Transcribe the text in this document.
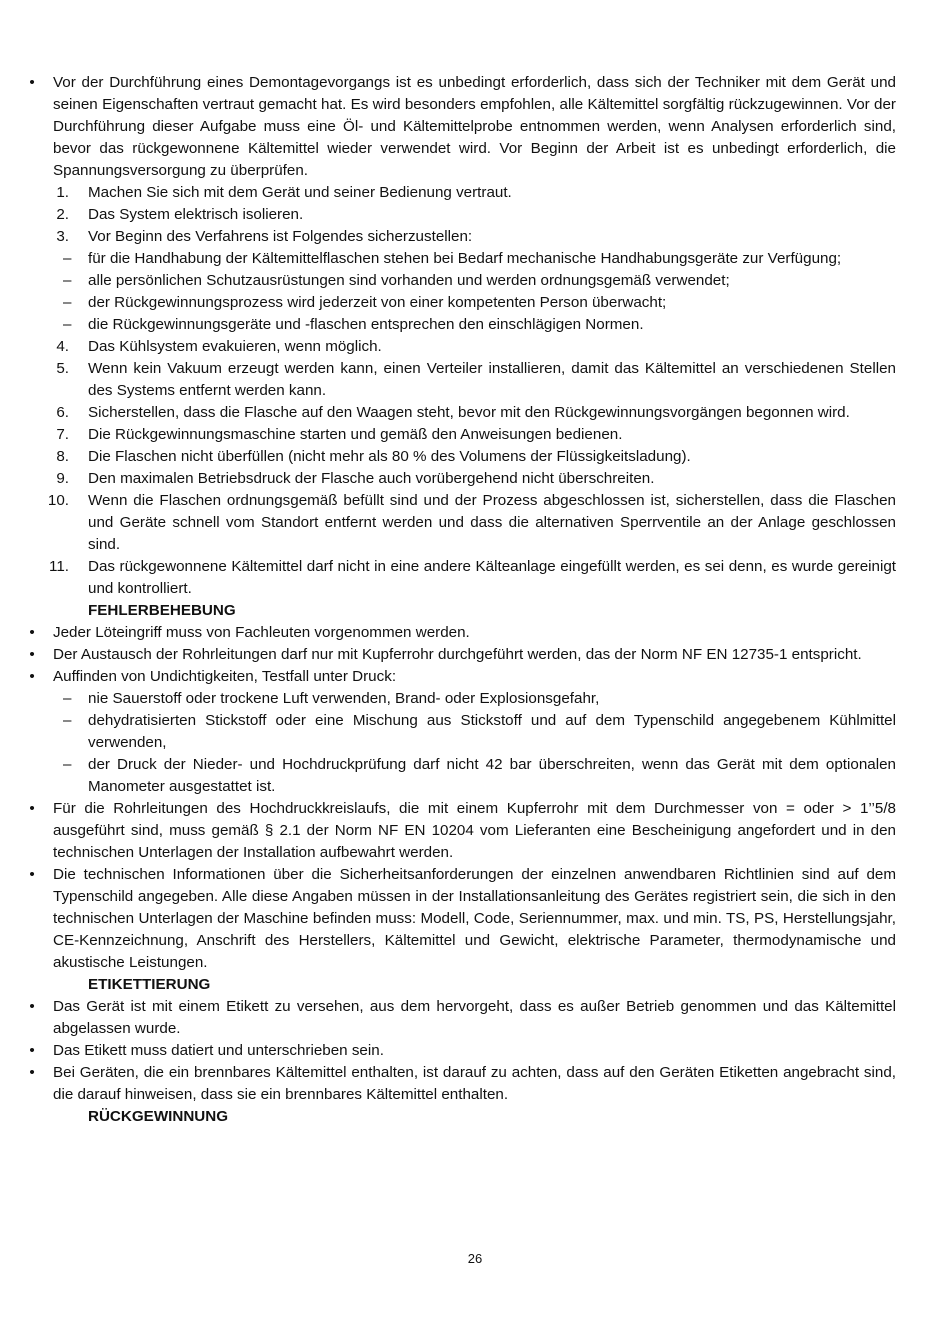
• Vor der Durchführung eines Demontagevorgangs ist es unbedingt erforderlich, dass sich der Techniker mit dem Gerät und seinen Eigenschaften vertraut gemacht hat. Es wird besonders empfohlen, alle Kältemittel sorgfältig rückzugewinnen. Vor der Durchführung dieser Aufgabe muss eine Öl- und Kältemittelprobe entnommen werden, wenn Analysen erforderlich sind, bevor das rückgewonnene Kältemittel wieder verwendet wird. Vor Beginn der Arbeit ist es unbedingt erforderlich, die Spannungsversorgung zu überprüfen.
1. Machen Sie sich mit dem Gerät und seiner Bedienung vertraut.
2. Das System elektrisch isolieren.
3. Vor Beginn des Verfahrens ist Folgendes sicherzustellen:
– für die Handhabung der Kältemittelflaschen stehen bei Bedarf mechanische Handhabungsgeräte zur Verfügung;
– alle persönlichen Schutzausrüstungen sind vorhanden und werden ordnungsgemäß verwendet;
– der Rückgewinnungsprozess wird jederzeit von einer kompetenten Person überwacht;
– die Rückgewinnungsgeräte und -flaschen entsprechen den einschlägigen Normen.
4. Das Kühlsystem evakuieren, wenn möglich.
5. Wenn kein Vakuum erzeugt werden kann, einen Verteiler installieren, damit das Kältemittel an verschiedenen Stellen des Systems entfernt werden kann.
6. Sicherstellen, dass die Flasche auf den Waagen steht, bevor mit den Rückgewinnungsvorgängen begonnen wird.
7. Die Rückgewinnungsmaschine starten und gemäß den Anweisungen bedienen.
8. Die Flaschen nicht überfüllen (nicht mehr als 80 % des Volumens der Flüssigkeitsladung).
9. Den maximalen Betriebsdruck der Flasche auch vorübergehend nicht überschreiten.
10. Wenn die Flaschen ordnungsgemäß befüllt sind und der Prozess abgeschlossen ist, sicherstellen, dass die Flaschen und Geräte schnell vom Standort entfernt werden und dass die alternativen Sperrventile an der Anlage geschlossen sind.
11. Das rückgewonnene Kältemittel darf nicht in eine andere Kälteanlage eingefüllt werden, es sei denn, es wurde gereinigt und kontrolliert.
FEHLERBEHEBUNG
• Jeder Löteingriff muss von Fachleuten vorgenommen werden.
• Der Austausch der Rohrleitungen darf nur mit Kupferrohr durchgeführt werden, das der Norm NF EN 12735-1 entspricht.
• Auffinden von Undichtigkeiten, Testfall unter Druck:
– nie Sauerstoff oder trockene Luft verwenden, Brand- oder Explosionsgefahr,
– dehydratisierten Stickstoff oder eine Mischung aus Stickstoff und auf dem Typenschild angegebenem Kühlmittel verwenden,
– der Druck der Nieder- und Hochdruckprüfung darf nicht 42 bar überschreiten, wenn das Gerät mit dem optionalen Manometer ausgestattet ist.
• Für die Rohrleitungen des Hochdruckkreislaufs, die mit einem Kupferrohr mit dem Durchmesser von = oder > 1’’5/8 ausgeführt sind, muss gemäß § 2.1 der Norm NF EN 10204 vom Lieferanten eine Bescheinigung angefordert und in den technischen Unterlagen der Installation aufbewahrt werden.
• Die technischen Informationen über die Sicherheitsanforderungen der einzelnen anwendbaren Richtlinien sind auf dem Typenschild angegeben. Alle diese Angaben müssen in der Installationsanleitung des Gerätes registriert sein, die sich in den technischen Unterlagen der Maschine befinden muss: Modell, Code, Seriennummer, max. und min. TS, PS, Herstellungsjahr, CE-Kennzeichnung, Anschrift des Herstellers, Kältemittel und Gewicht, elektrische Parameter, thermodynamische und akustische Leistungen.
ETIKETTIERUNG
• Das Gerät ist mit einem Etikett zu versehen, aus dem hervorgeht, dass es außer Betrieb genommen und das Kältemittel abgelassen wurde.
• Das Etikett muss datiert und unterschrieben sein.
• Bei Geräten, die ein brennbares Kältemittel enthalten, ist darauf zu achten, dass auf den Geräten Etiketten angebracht sind, die darauf hinweisen, dass sie ein brennbares Kältemittel enthalten.
RÜCKGEWINNUNG
26
